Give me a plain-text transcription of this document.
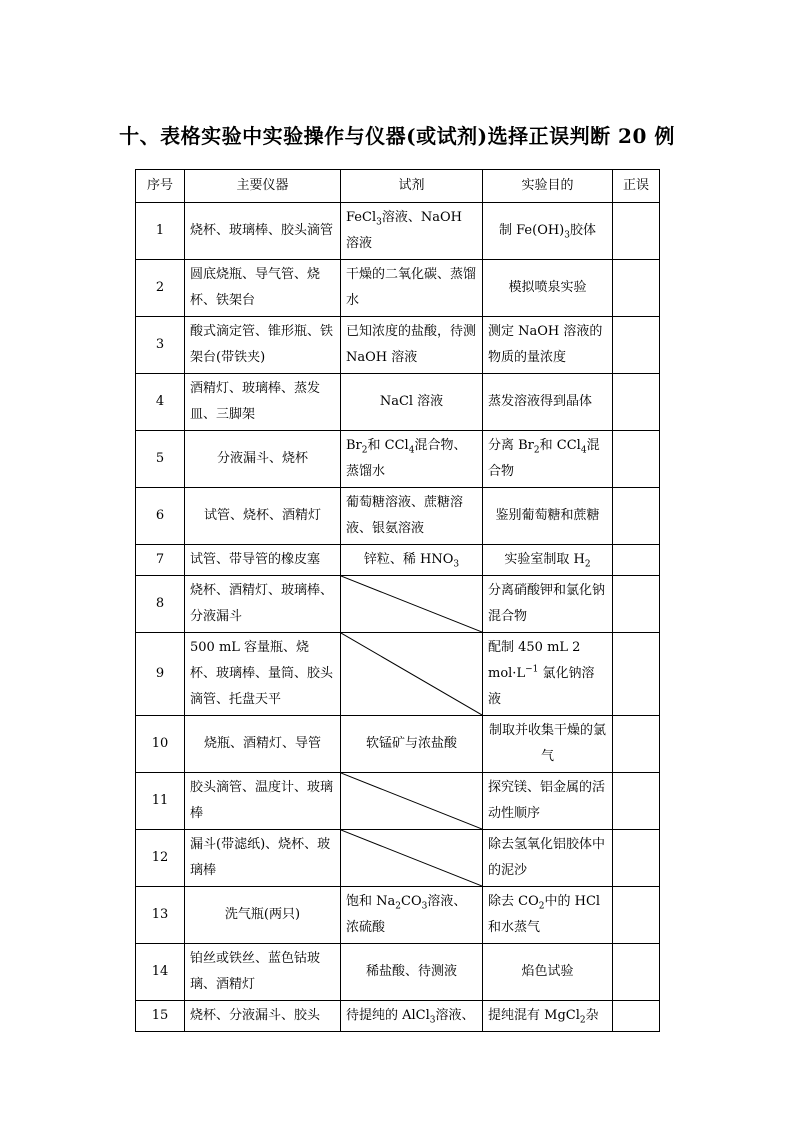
十、表格实验中实验操作与仪器(或试剂)选择正误判断 20 例
序号	主要仪器	试剂	实验目的	正误
1	烧杯、玻璃棒、胶头滴管	FeCl$_3$溶液、NaOH 溶液	制 $Fe(OH)_3$胶体	
2	圆底烧瓶、导气管、烧杯、铁架台	干燥的二氧化碳、蒸馏水	模拟喷泉实验	
3	酸式滴定管、锥形瓶、铁架台(带铁夹)	已知浓度的盐酸，待测 NaOH 溶液	测定 NaOH 溶液的物质的量浓度	
4	酒精灯、玻璃棒、蒸发皿、三脚架	NaCl 溶液	蒸发溶液得到晶体	
5	分液漏斗、烧杯	$Br_2$和 CCl$_4$混合物、蒸馏水	分离 $Br_2$和 CCl$_4$混合物	
6	试管、烧杯、酒精灯	葡萄糖溶液、蔗糖溶液、银氨溶液	鉴别葡萄糖和蔗糖	
7	试管、带导管的橡皮塞	锌粒、稀 $HNO_3$	实验室制取 $H_2$	
8	烧杯、酒精灯、玻璃棒、分液漏斗		分离硝酸钾和氯化钠混合物	
9	500 mL 容量瓶、烧杯、玻璃棒、量筒、胶头滴管、托盘天平		配制 450 mL 2 $mol\cdot L^{-1}$ 氯化钠溶液	
10	烧瓶、酒精灯、导管	软锰矿与浓盐酸	制取并收集干燥的氯气	
11	胶头滴管、温度计、玻璃棒		探究镁、铝金属的活动性顺序	
12	漏斗(带滤纸)、烧杯、玻璃棒		除去氢氧化铝胶体中的泥沙	
13	洗气瓶(两只)	饱和 $Na_2CO_3$溶液、浓硫酸	除去 $CO_2$中的 HCl 和水蒸气	
14	铂丝或铁丝、蓝色钴玻璃、酒精灯	稀盐酸、待测液	焰色试验	
15	烧杯、分液漏斗、胶头	待提纯的 AlCl$_3$溶液、	提纯混有 MgCl$_2$杂	
